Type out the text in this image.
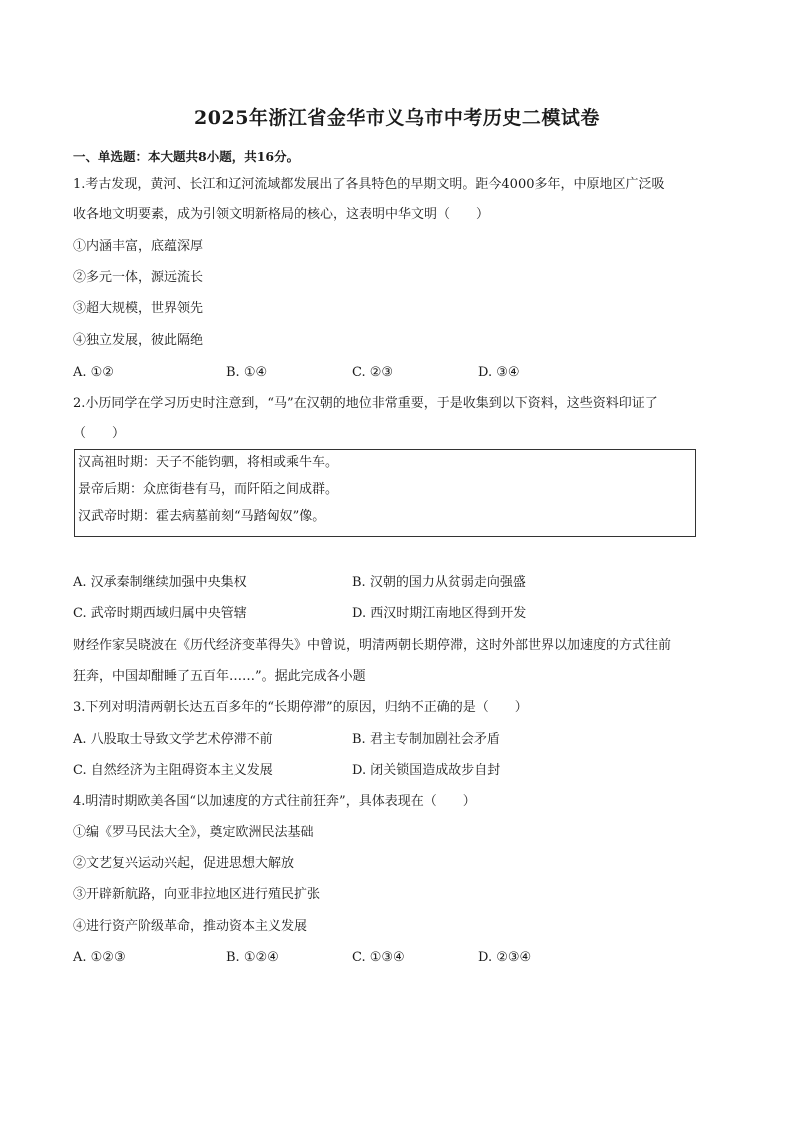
2025年浙江省金华市义乌市中考历史二模试卷
一、单选题：本大题共8小题，共16分。
1.考古发现，黄河、长江和辽河流域都发展出了各具特色的早期文明。距今4000多年，中原地区广泛吸
收各地文明要素，成为引领文明新格局的核心，这表明中华文明（　　）
①内涵丰富，底蕴深厚
②多元一体，源远流长
③超大规模，世界领先
④独立发展，彼此隔绝
A. ①②	B. ①④	C. ②③	D. ③④
2.小历同学在学习历史时注意到，“马”在汉朝的地位非常重要，于是收集到以下资料，这些资料印证了
（　　）
汉高祖时期：天子不能钧驷，将相或乘牛车。
景帝后期：众庶街巷有马，而阡陌之间成群。
汉武帝时期：霍去病墓前刻“马踏匈奴”像。
A. 汉承秦制继续加强中央集权	B. 汉朝的国力从贫弱走向强盛
C. 武帝时期西域归属中央管辖	D. 西汉时期江南地区得到开发
财经作家吴晓波在《历代经济变革得失》中曾说，明清两朝长期停滞，这时外部世界以加速度的方式往前
狂奔，中国却酣睡了五百年……”。据此完成各小题
3.下列对明清两朝长达五百多年的“长期停滞”的原因，归纳不正确的是（　　）
A. 八股取士导致文学艺术停滞不前	B. 君主专制加剧社会矛盾
C. 自然经济为主阻碍资本主义发展	D. 闭关锁国造成故步自封
4.明清时期欧美各国“以加速度的方式往前狂奔”，具体表现在（　　）
①编《罗马民法大全》，奠定欧洲民法基础
②文艺复兴运动兴起，促进思想大解放
③开辟新航路，向亚非拉地区进行殖民扩张
④进行资产阶级革命，推动资本主义发展
A. ①②③	B. ①②④	C. ①③④	D. ②③④
